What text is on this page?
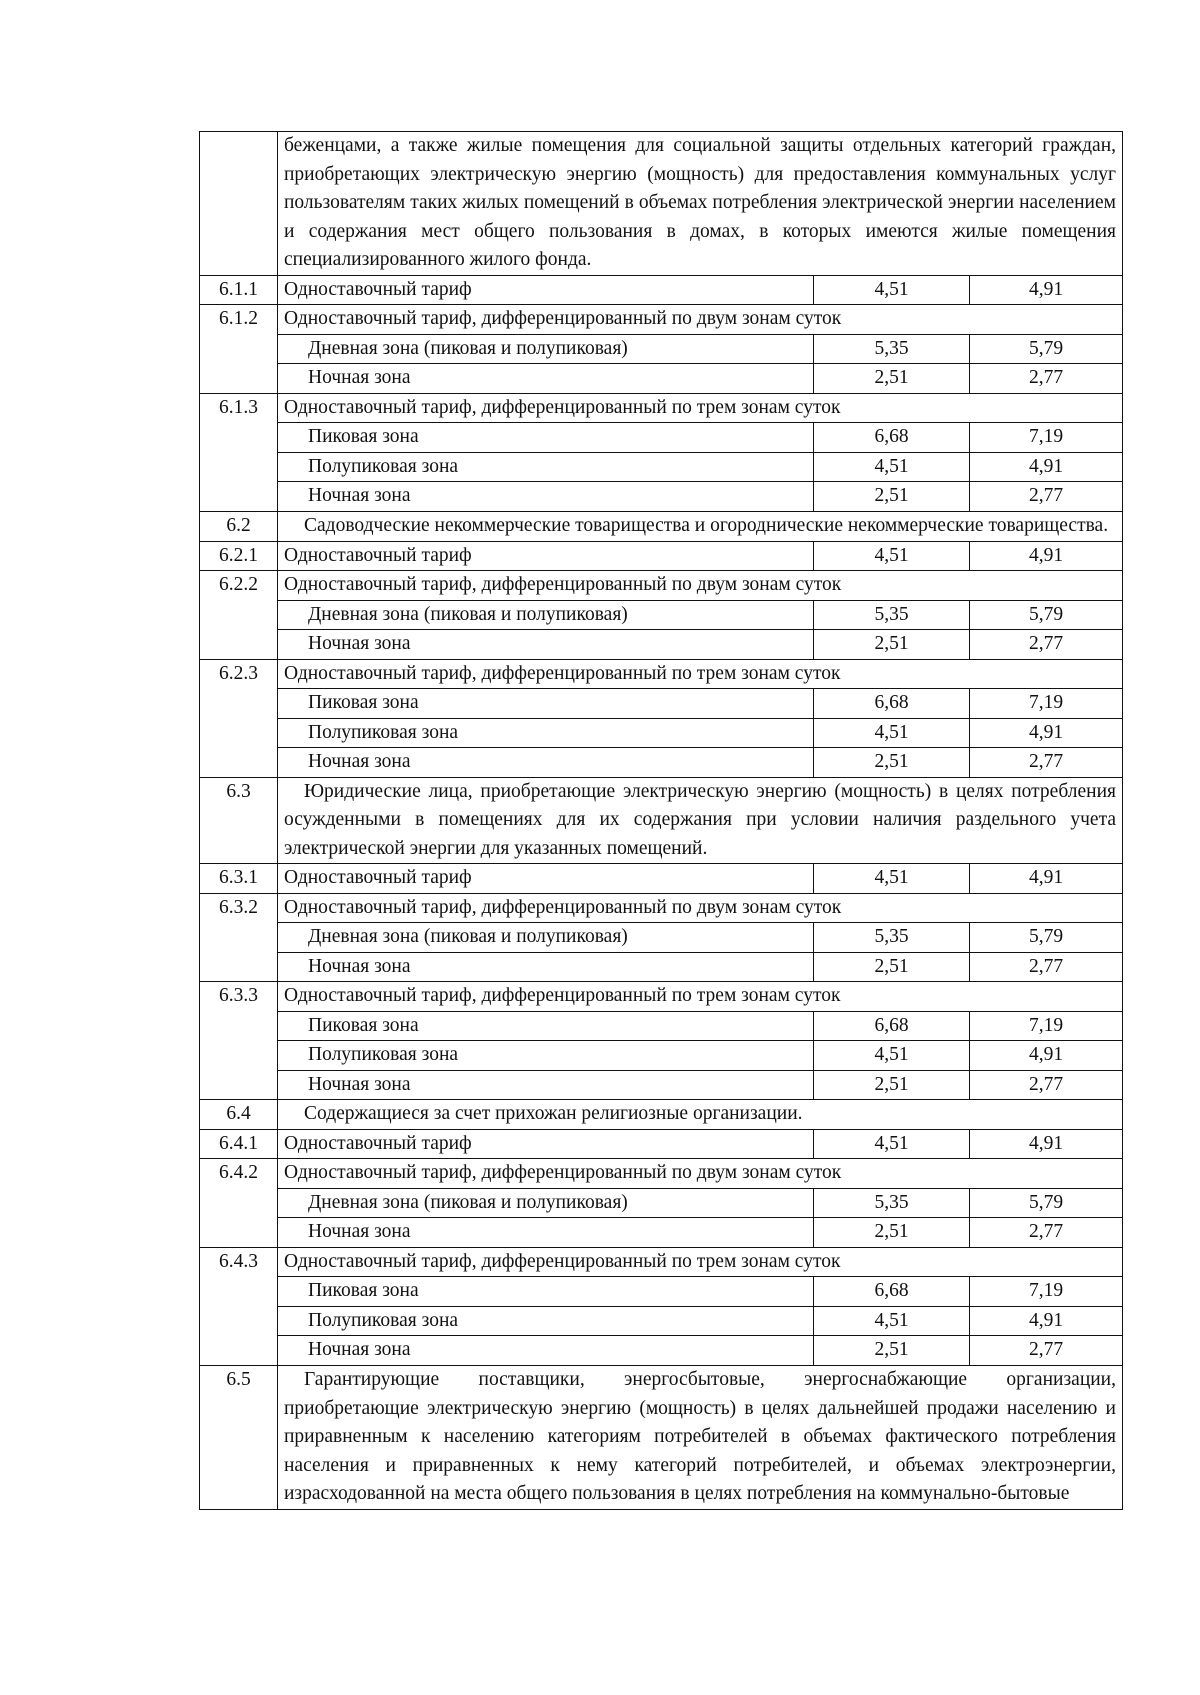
	беженцами, а также жилые помещения для социальной защиты отдельных категорий граждан, приобретающих электрическую энергию (мощность) для предоставления коммунальных услуг пользователям таких жилых помещений в объемах потребления электрической энергии населением и содержания мест общего пользования в домах, в которых имеются жилые помещения специализированного жилого фонда.		
6.1.1	Одноставочный тариф	4,51	4,91
6.1.2	Одноставочный тариф, дифференцированный по двум зонам суток		
	Дневная зона (пиковая и полупиковая)	5,35	5,79
	Ночная зона	2,51	2,77
6.1.3	Одноставочный тариф, дифференцированный по трем зонам суток		
	Пиковая зона	6,68	7,19
	Полупиковая зона	4,51	4,91
	Ночная зона	2,51	2,77
6.2	Садоводческие некоммерческие товарищества и огороднические некоммерческие товарищества.		
6.2.1	Одноставочный тариф	4,51	4,91
6.2.2	Одноставочный тариф, дифференцированный по двум зонам суток		
	Дневная зона (пиковая и полупиковая)	5,35	5,79
	Ночная зона	2,51	2,77
6.2.3	Одноставочный тариф, дифференцированный по трем зонам суток		
	Пиковая зона	6,68	7,19
	Полупиковая зона	4,51	4,91
	Ночная зона	2,51	2,77
6.3	Юридические лица, приобретающие электрическую энергию (мощность) в целях потребления осужденными в помещениях для их содержания при условии наличия раздельного учета электрической энергии для указанных помещений.		
6.3.1	Одноставочный тариф	4,51	4,91
6.3.2	Одноставочный тариф, дифференцированный по двум зонам суток		
	Дневная зона (пиковая и полупиковая)	5,35	5,79
	Ночная зона	2,51	2,77
6.3.3	Одноставочный тариф, дифференцированный по трем зонам суток		
	Пиковая зона	6,68	7,19
	Полупиковая зона	4,51	4,91
	Ночная зона	2,51	2,77
6.4	Содержащиеся за счет прихожан религиозные организации.		
6.4.1	Одноставочный тариф	4,51	4,91
6.4.2	Одноставочный тариф, дифференцированный по двум зонам суток		
	Дневная зона (пиковая и полупиковая)	5,35	5,79
	Ночная зона	2,51	2,77
6.4.3	Одноставочный тариф, дифференцированный по трем зонам суток		
	Пиковая зона	6,68	7,19
	Полупиковая зона	4,51	4,91
	Ночная зона	2,51	2,77
6.5	Гарантирующие поставщики, энергосбытовые, энергоснабжающие организации, приобретающие электрическую энергию (мощность) в целях дальнейшей продажи населению и приравненным к населению категориям потребителей в объемах фактического потребления населения и приравненных к нему категорий потребителей, и объемах электроэнергии, израсходованной на места общего пользования в целях потребления на коммунально-бытовые		
